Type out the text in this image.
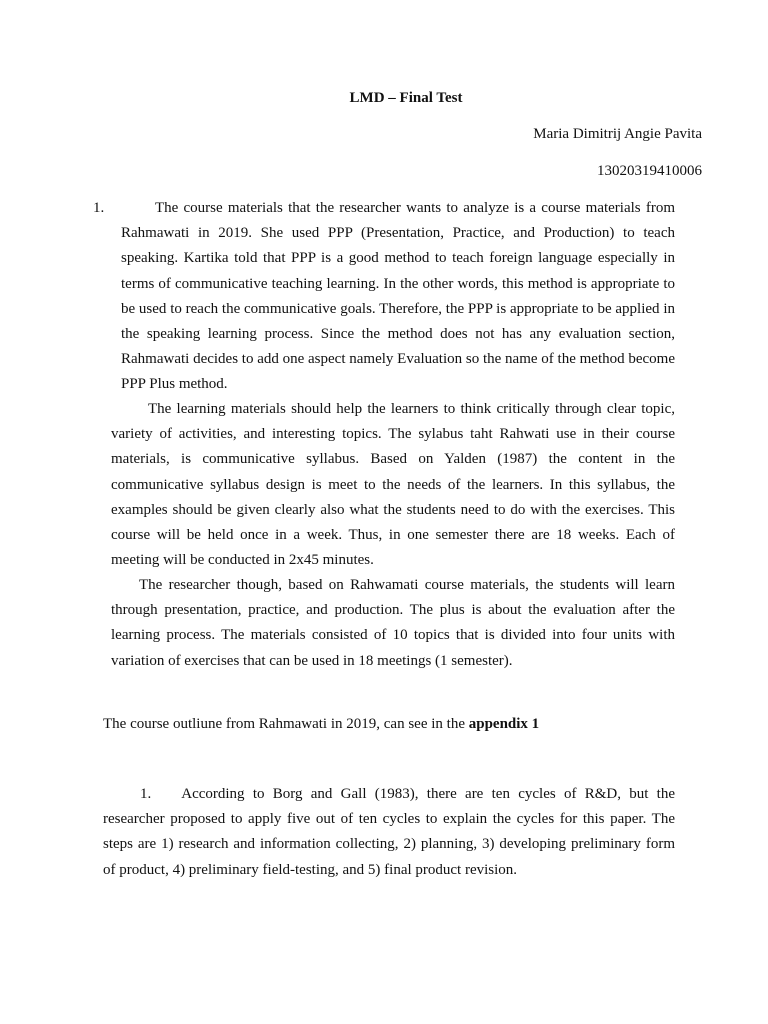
LMD – Final Test
Maria Dimitrij Angie Pavita
13020319410006
1.	The course materials that the researcher wants to analyze is a course materials from Rahmawati in 2019. She used PPP (Presentation, Practice, and Production) to teach speaking. Kartika told that PPP is a good method to teach foreign language especially in terms of communicative teaching learning. In the other words, this method is appropriate to be used to reach the communicative goals. Therefore, the PPP is appropriate to be applied in the speaking learning process. Since the method does not has any evaluation section, Rahmawati decides to add one aspect namely Evaluation so the name of the method become PPP Plus method.

The learning materials should help the learners to think critically through clear topic, variety of activities, and interesting topics. The sylabus taht Rahwati use in their course materials, is communicative syllabus. Based on Yalden (1987) the content in the communicative syllabus design is meet to the needs of the learners. In this syllabus, the examples should be given clearly also what the students need to do with the exercises. This course will be held once in a week. Thus, in one semester there are 18 weeks. Each of meeting will be conducted in 2x45 minutes.

The researcher though, based on Rahwamati course materials, the students will learn through presentation, practice, and production. The plus is about the evaluation after the learning process. The materials consisted of 10 topics that is divided into four units with variation of exercises that can be used in 18 meetings (1 semester).

The course outliune from Rahmawati in 2019, can see in the appendix 1

1.   According to Borg and Gall (1983), there are ten cycles of R&D, but the researcher proposed to apply five out of ten cycles to explain the cycles for this paper. The steps are 1) research and information collecting, 2) planning, 3) developing preliminary form of product, 4) preliminary field-testing, and 5) final product revision.
